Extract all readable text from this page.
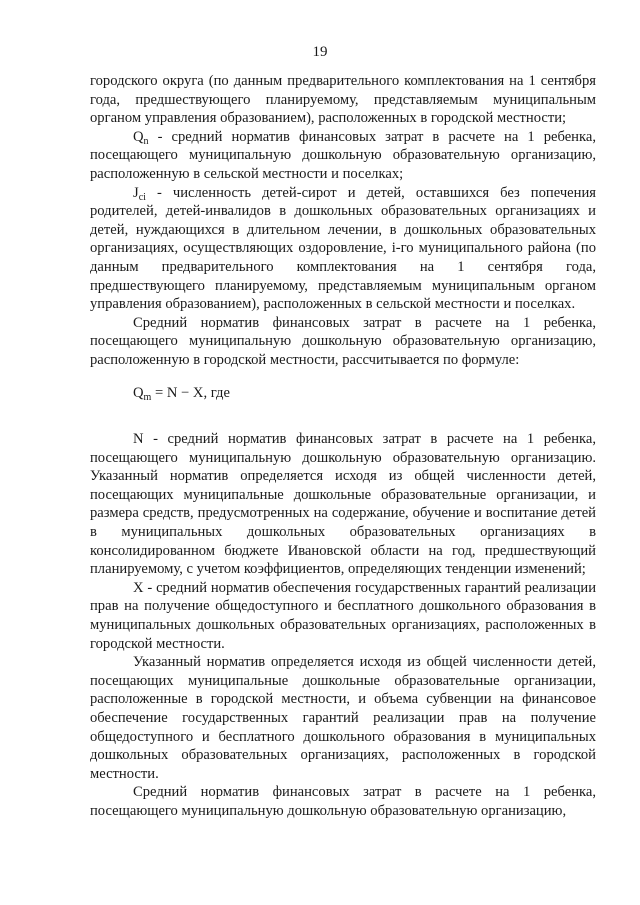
19

городского округа (по данным предварительного комплектования на 1 сентября года, предшествующего планируемому, представляемым муниципальным органом управления образованием), расположенных в городской местности;

$Q_n$ - средний норматив финансовых затрат в расчете на 1 ребенка, посещающего муниципальную дошкольную образовательную организацию, расположенную в сельской местности и поселках;

$J_{ci}$ - численность детей-сирот и детей, оставшихся без попечения родителей, детей-инвалидов в дошкольных образовательных организациях и детей, нуждающихся в длительном лечении, в дошкольных образовательных организациях, осуществляющих оздоровление, i-го муниципального района (по данным предварительного комплектования на 1 сентября года, предшествующего планируемому, представляемым муниципальным органом управления образованием), расположенных в сельской местности и поселках.

Средний норматив финансовых затрат в расчете на 1 ребенка, посещающего муниципальную дошкольную образовательную организацию, расположенную в городской местности, рассчитывается по формуле:

$Q_m = N - X$, где

N - средний норматив финансовых затрат в расчете на 1 ребенка, посещающего муниципальную дошкольную образовательную организацию. Указанный норматив определяется исходя из общей численности детей, посещающих муниципальные дошкольные образовательные организации, и размера средств, предусмотренных на содержание, обучение и воспитание детей в муниципальных дошкольных образовательных организациях в консолидированном бюджете Ивановской области на год, предшествующий планируемому, с учетом коэффициентов, определяющих тенденции изменений;

X - средний норматив обеспечения государственных гарантий реализации прав на получение общедоступного и бесплатного дошкольного образования в муниципальных дошкольных образовательных организациях, расположенных в городской местности.

Указанный норматив определяется исходя из общей численности детей, посещающих муниципальные дошкольные образовательные организации, расположенные в городской местности, и объема субвенции на финансовое обеспечение государственных гарантий реализации прав на получение общедоступного и бесплатного дошкольного образования в муниципальных дошкольных образовательных организациях, расположенных в городской местности.

Средний норматив финансовых затрат в расчете на 1 ребенка, посещающего муниципальную дошкольную образовательную организацию,
